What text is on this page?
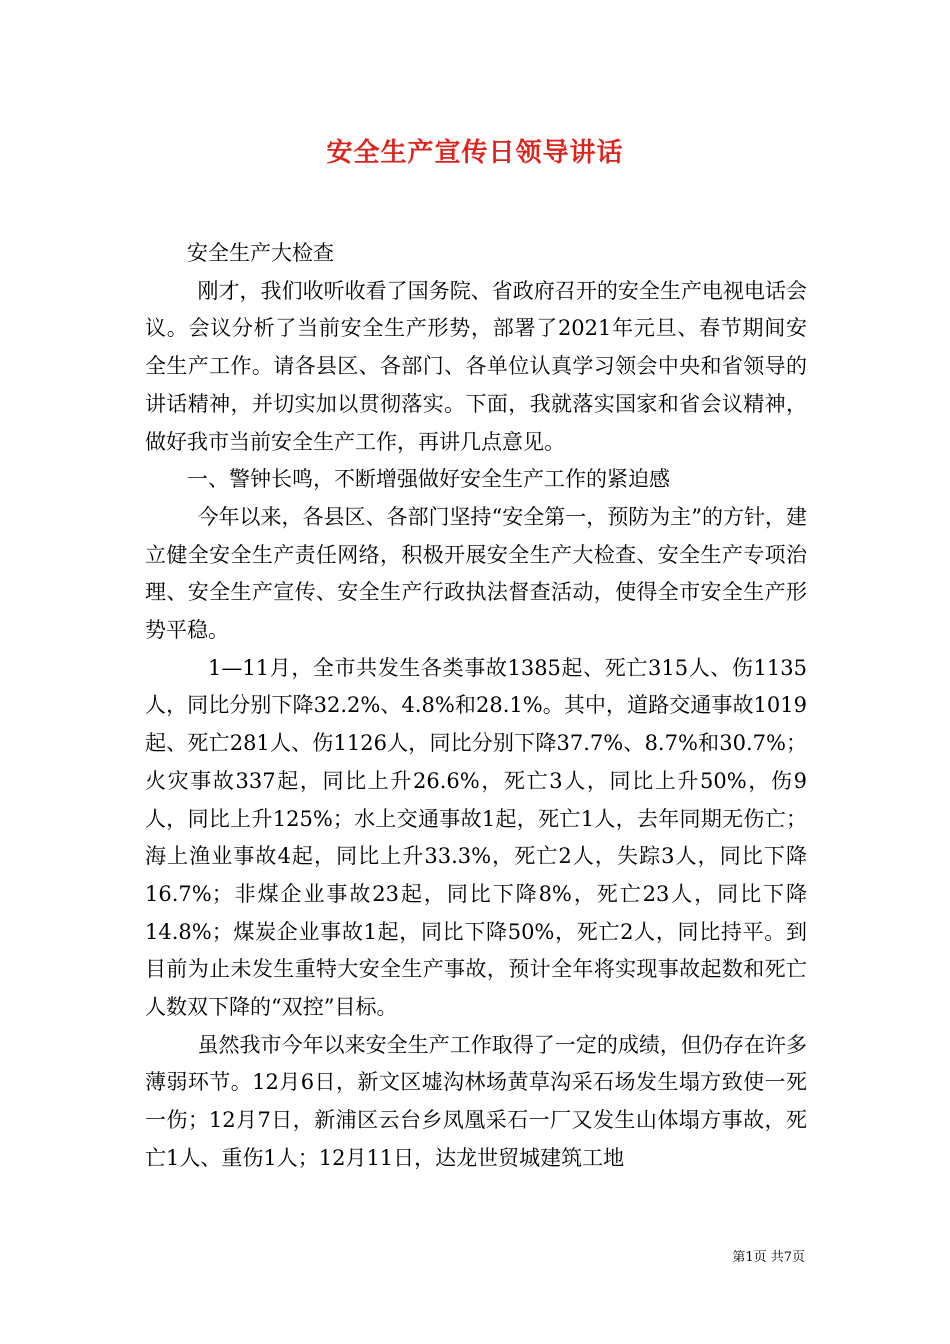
安全生产宣传日领导讲话

安全生产大检查

刚才，我们收听收看了国务院、省政府召开的安全生产电视电话会议。会议分析了当前安全生产形势，部署了2021年元旦、春节期间安全生产工作。请各县区、各部门、各单位认真学习领会中央和省领导的讲话精神，并切实加以贯彻落实。下面，我就落实国家和省会议精神，做好我市当前安全生产工作，再讲几点意见。

一、警钟长鸣，不断增强做好安全生产工作的紧迫感

今年以来，各县区、各部门坚持“安全第一，预防为主”的方针，建立健全安全生产责任网络，积极开展安全生产大检查、安全生产专项治理、安全生产宣传、安全生产行政执法督查活动，使得全市安全生产形势平稳。

1—11月，全市共发生各类事故1385起、死亡315人、伤1135人，同比分别下降32.2%、4.8%和28.1%。其中，道路交通事故1019起、死亡281人、伤1126人，同比分别下降37.7%、8.7%和30.7%；火灾事故337起，同比上升26.6%，死亡3人，同比上升50%，伤9人，同比上升125%；水上交通事故1起，死亡1人，去年同期无伤亡；海上渔业事故4起，同比上升33.3%，死亡2人，失踪3人，同比下降16.7%；非煤企业事故23起，同比下降8%，死亡23人，同比下降14.8%；煤炭企业事故1起，同比下降50%，死亡2人，同比持平。到目前为止未发生重特大安全生产事故，预计全年将实现事故起数和死亡人数双下降的“双控”目标。

虽然我市今年以来安全生产工作取得了一定的成绩，但仍存在许多薄弱环节。12月6日，新文区墟沟林场黄草沟采石场发生塌方致使一死一伤；12月7日，新浦区云台乡凤凰采石一厂又发生山体塌方事故，死亡1人、重伤1人；12月11日，达龙世贸城建筑工地

第1页 共7页
